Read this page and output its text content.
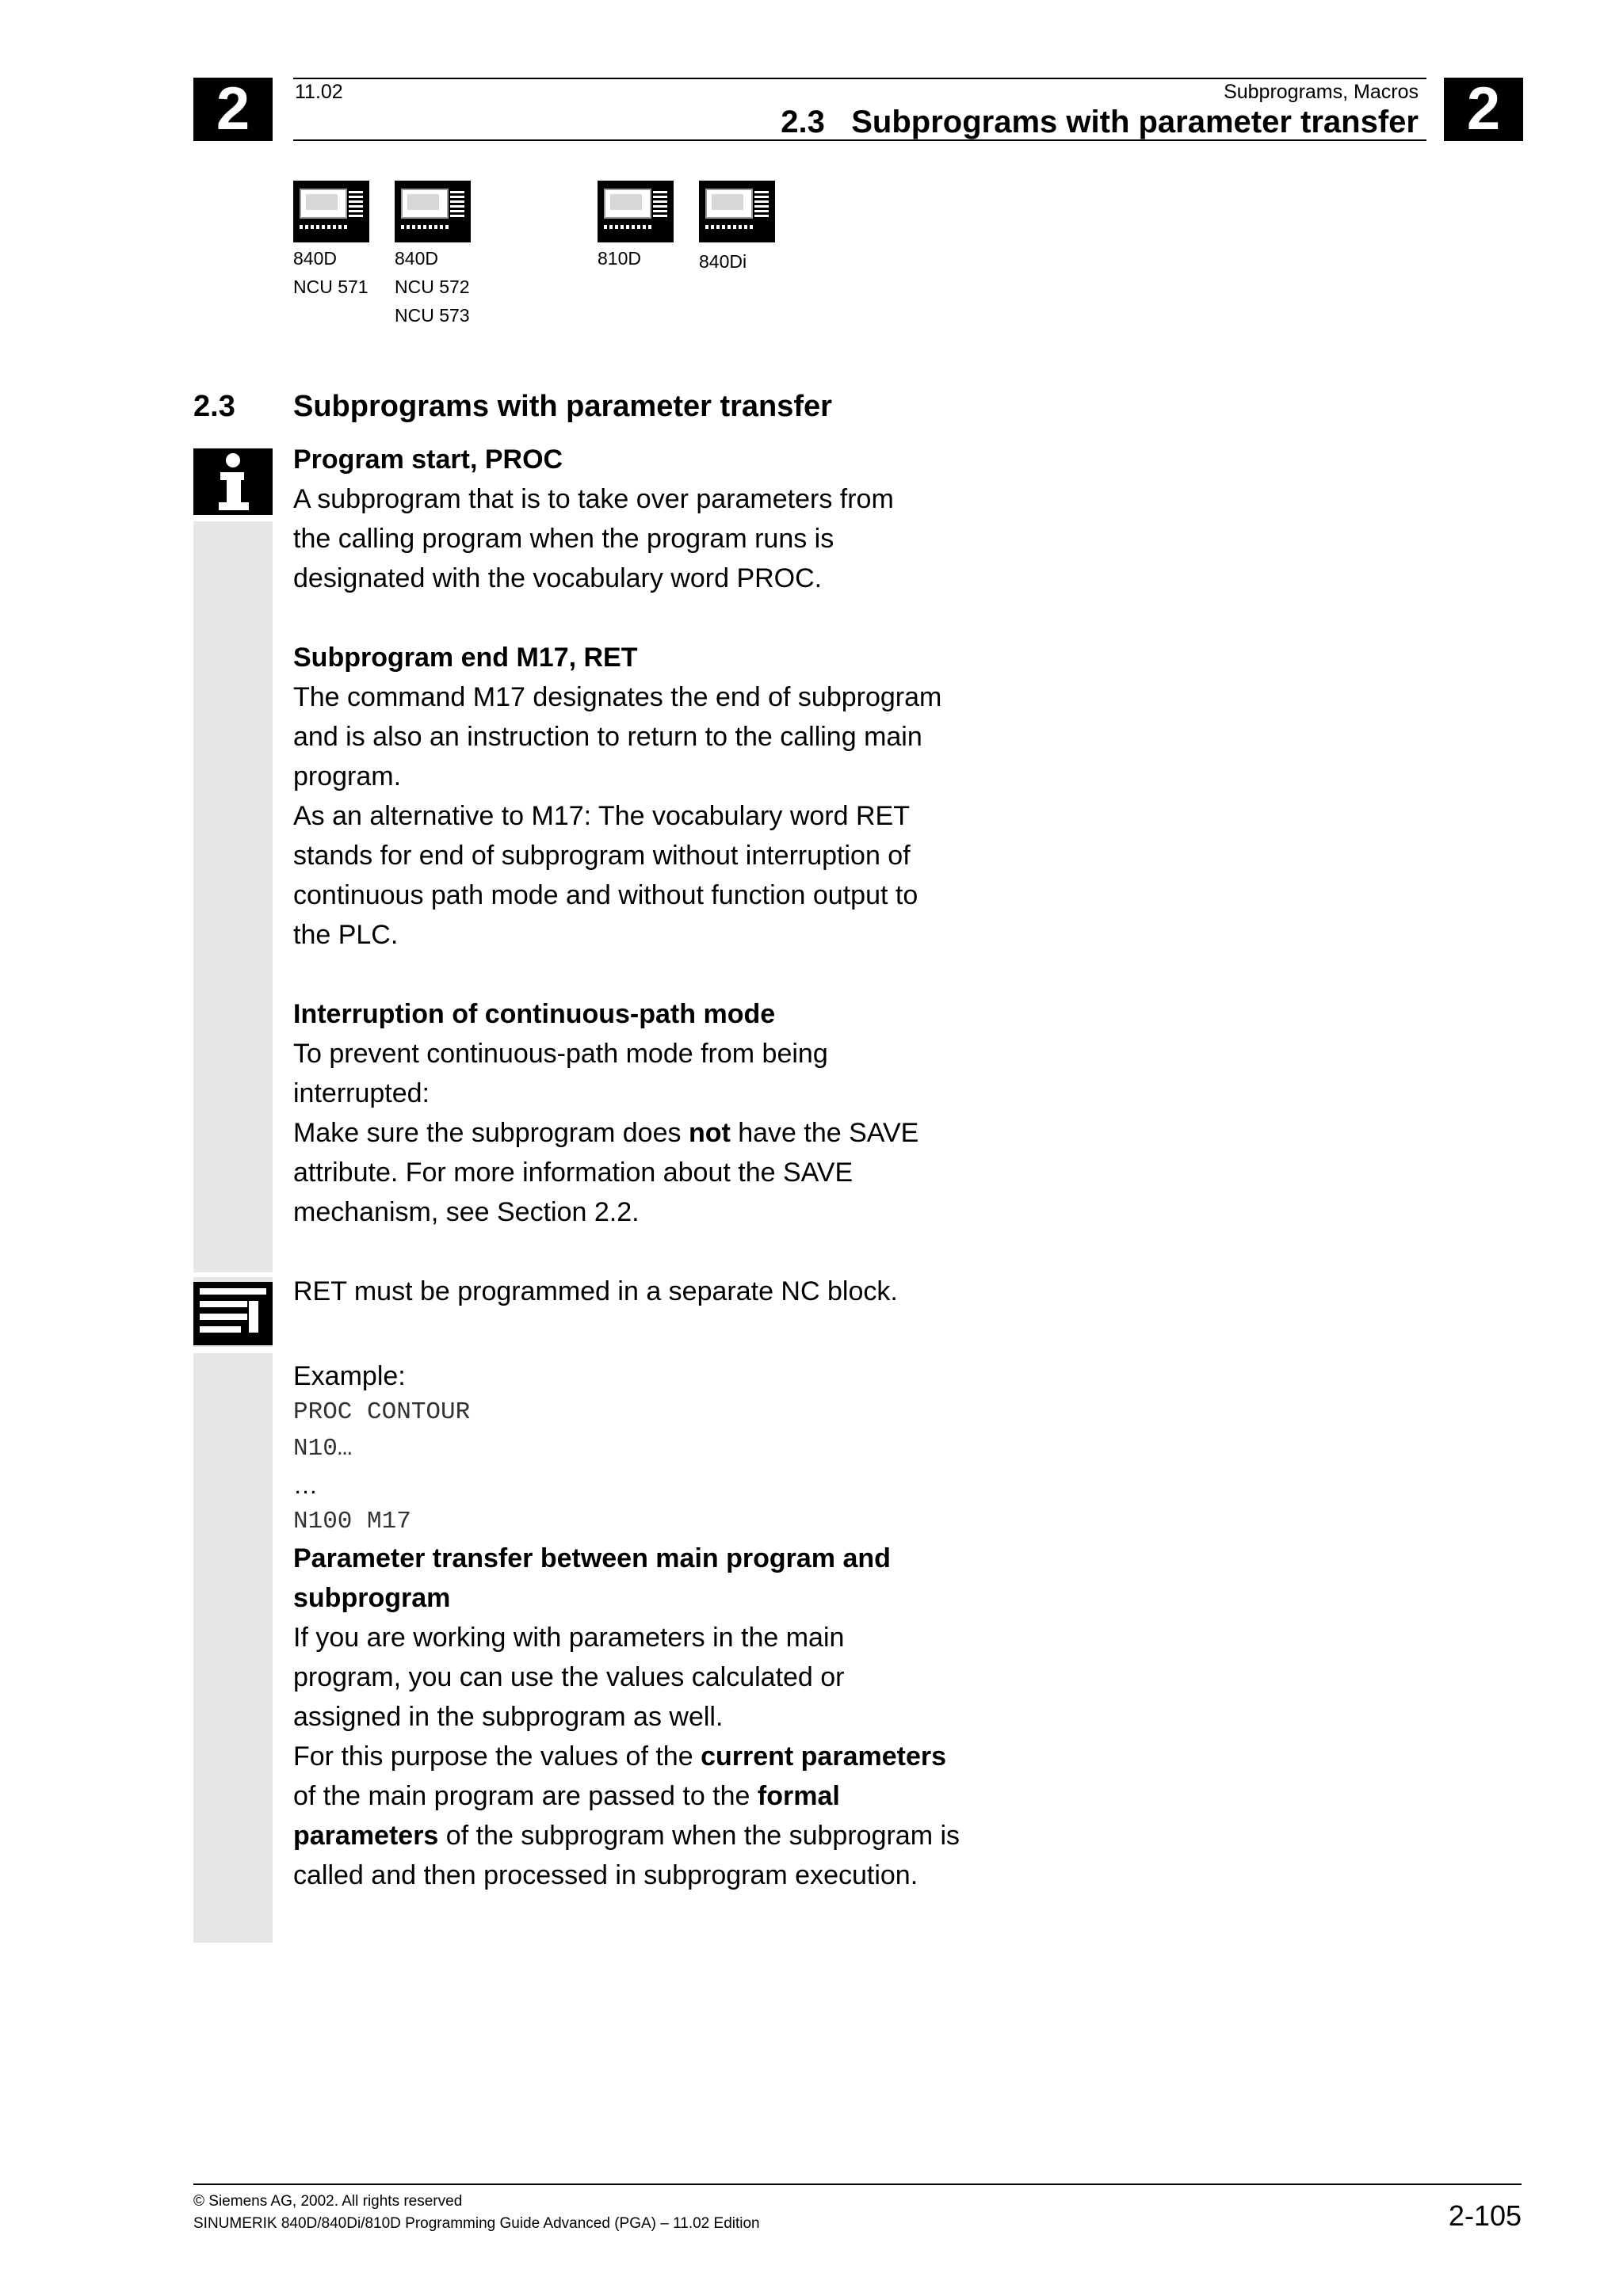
2	2
11.02	Subprograms, Macros
2.3 Subprograms with parameter transfer
840D
NCU 571
840D
NCU 572
NCU 573
810D	840Di
2.3 Subprograms with parameter transfer

Program start, PROC

A subprogram that is to take over parameters from

the calling program when the program runs is

designated with the vocabulary word PROC.

Subprogram end M17, RET

The command M17 designates the end of subprogram

and is also an instruction to return to the calling main

program.

As an alternative to M17: The vocabulary word RET

stands for end of subprogram without interruption of

continuous path mode and without function output to

the PLC.

Interruption of continuous-path mode

To prevent continuous-path mode from being

interrupted:

Make sure the subprogram does not have the SAVE

attribute. For more information about the SAVE

mechanism, see Section 2.2.

RET must be programmed in a separate NC block.
Example:

PROC CONTOUR

N10…

…

N100 M17

Parameter transfer between main program and

subprogram

If you are working with parameters in the main

program, you can use the values calculated or

assigned in the subprogram as well.

For this purpose the values of the current parameters

of the main program are passed to the formal

parameters of the subprogram when the subprogram is

called and then processed in subprogram execution.

© Siemens AG, 2002. All rights reserved
SINUMERIK 840D/840Di/810D Programming Guide Advanced (PGA) – 11.02 Edition	2-105
